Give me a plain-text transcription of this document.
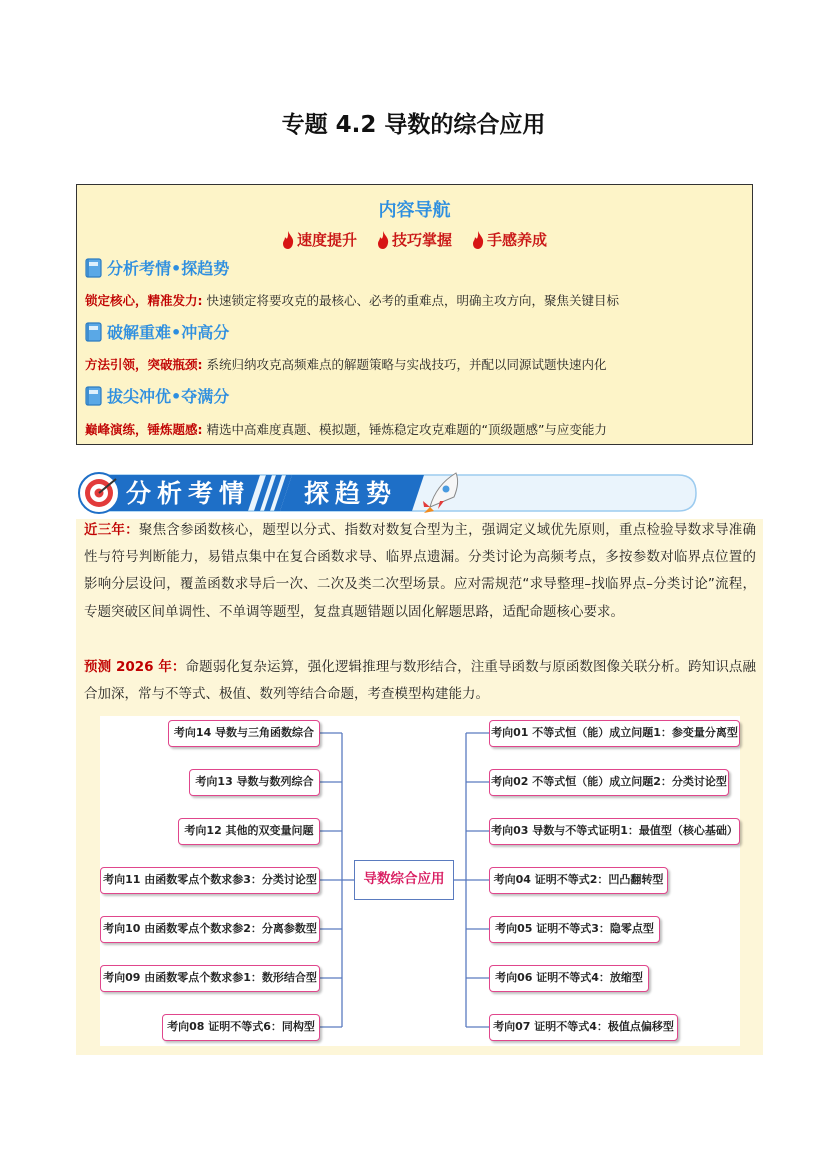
专题 4.2 导数的综合应用
内容导航
速度提升 技巧掌握 手感养成
分析考情•探趋势
锁定核心，精准发力: 快速锁定将要攻克的最核心、必考的重难点，明确主攻方向，聚焦关键目标
破解重难•冲高分
方法引领，突破瓶颈: 系统归纳攻克高频难点的解题策略与实战技巧，并配以同源试题快速内化
拔尖冲优•夺满分
巅峰演练，锤炼题感: 精选中高难度真题、模拟题，锤炼稳定攻克难题的“顶级题感”与应变能力
分析考情 探趋势
近三年：聚焦含参函数核心，题型以分式、指数对数复合型为主，强调定义域优先原则，重点检验导数求导准确性与符号判断能力，易错点集中在复合函数求导、临界点遗漏。分类讨论为高频考点，多按参数对临界点位置的影响分层设问，覆盖函数求导后一次、二次及类二次型场景。应对需规范“求导整理–找临界点–分类讨论”流程，专题突破区间单调性、不单调等题型，复盘真题错题以固化解题思路，适配命题核心要求。
预测 2026 年：命题弱化复杂运算，强化逻辑推理与数形结合，注重导函数与原函数图像关联分析。跨知识点融合加深，常与不等式、极值、数列等结合命题，考查模型构建能力。
考向14 导数与三角函数综合
考向13 导数与数列综合
考向12 其他的双变量问题
考向11 由函数零点个数求参3：分类讨论型
考向10 由函数零点个数求参2：分离参数型
考向09 由函数零点个数求参1：数形结合型
考向08 证明不等式6：同构型
导数综合应用
考向01 不等式恒（能）成立问题1：参变量分离型
考向02 不等式恒（能）成立问题2：分类讨论型
考向03 导数与不等式证明1：最值型（核心基础）
考向04 证明不等式2：凹凸翻转型
考向05 证明不等式3：隐零点型
考向06 证明不等式4：放缩型
考向07 证明不等式4：极值点偏移型
